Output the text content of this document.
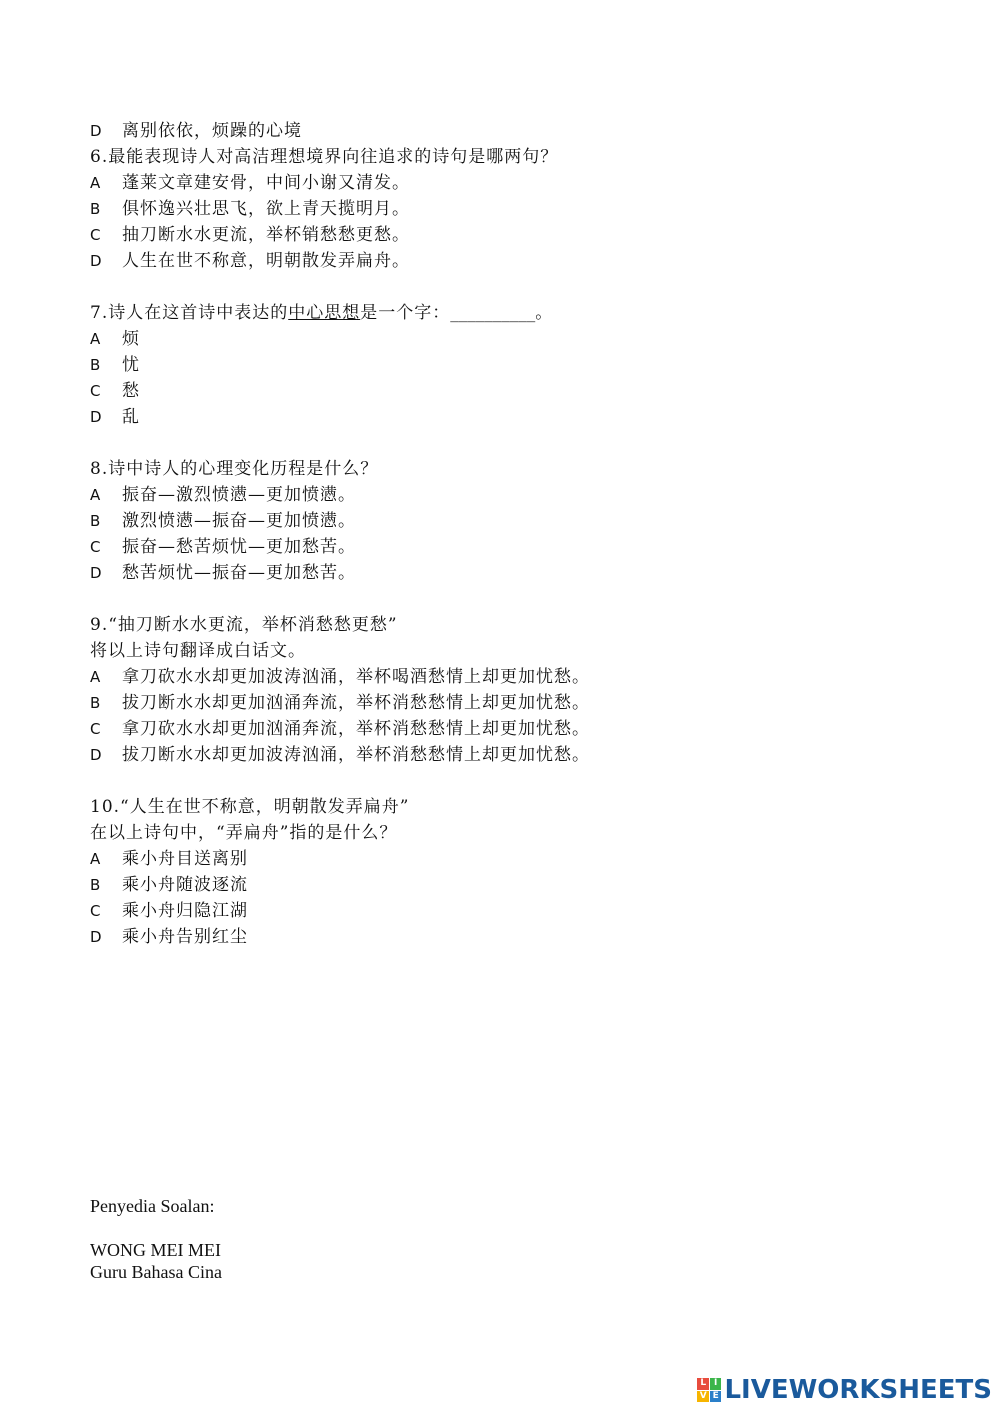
D 离别依依，烦躁的心境
6.最能表现诗人对高洁理想境界向往追求的诗句是哪两句？
A 蓬莱文章建安骨，中间小谢又清发。
B 俱怀逸兴壮思飞，欲上青天揽明月。
C 抽刀断水水更流，举杯销愁愁更愁。
D 人生在世不称意，明朝散发弄扁舟。
7.诗人在这首诗中表达的中心思想是一个字：__________。
A 烦
B 忧
C 愁
D 乱
8.诗中诗人的心理变化历程是什么？
A 振奋—激烈愤懑—更加愤懑。
B 激烈愤懑—振奋—更加愤懑。
C 振奋—愁苦烦忧—更加愁苦。
D 愁苦烦忧—振奋—更加愁苦。
9.“抽刀断水水更流，举杯消愁愁更愁”
将以上诗句翻译成白话文。
A 拿刀砍水水却更加波涛汹涌，举杯喝酒愁情上却更加忧愁。
B 拔刀断水水却更加汹涌奔流，举杯消愁愁情上却更加忧愁。
C 拿刀砍水水却更加汹涌奔流，举杯消愁愁情上却更加忧愁。
D 拔刀断水水却更加波涛汹涌，举杯消愁愁情上却更加忧愁。
10.“人生在世不称意，明朝散发弄扁舟”
在以上诗句中，“弄扁舟”指的是什么？
A 乘小舟目送离别
B 乘小舟随波逐流
C 乘小舟归隐江湖
D 乘小舟告别红尘
Penyedia Soalan:
WONG MEI MEI
Guru Bahasa Cina
L I
V E LIVEWORKSHEETS
